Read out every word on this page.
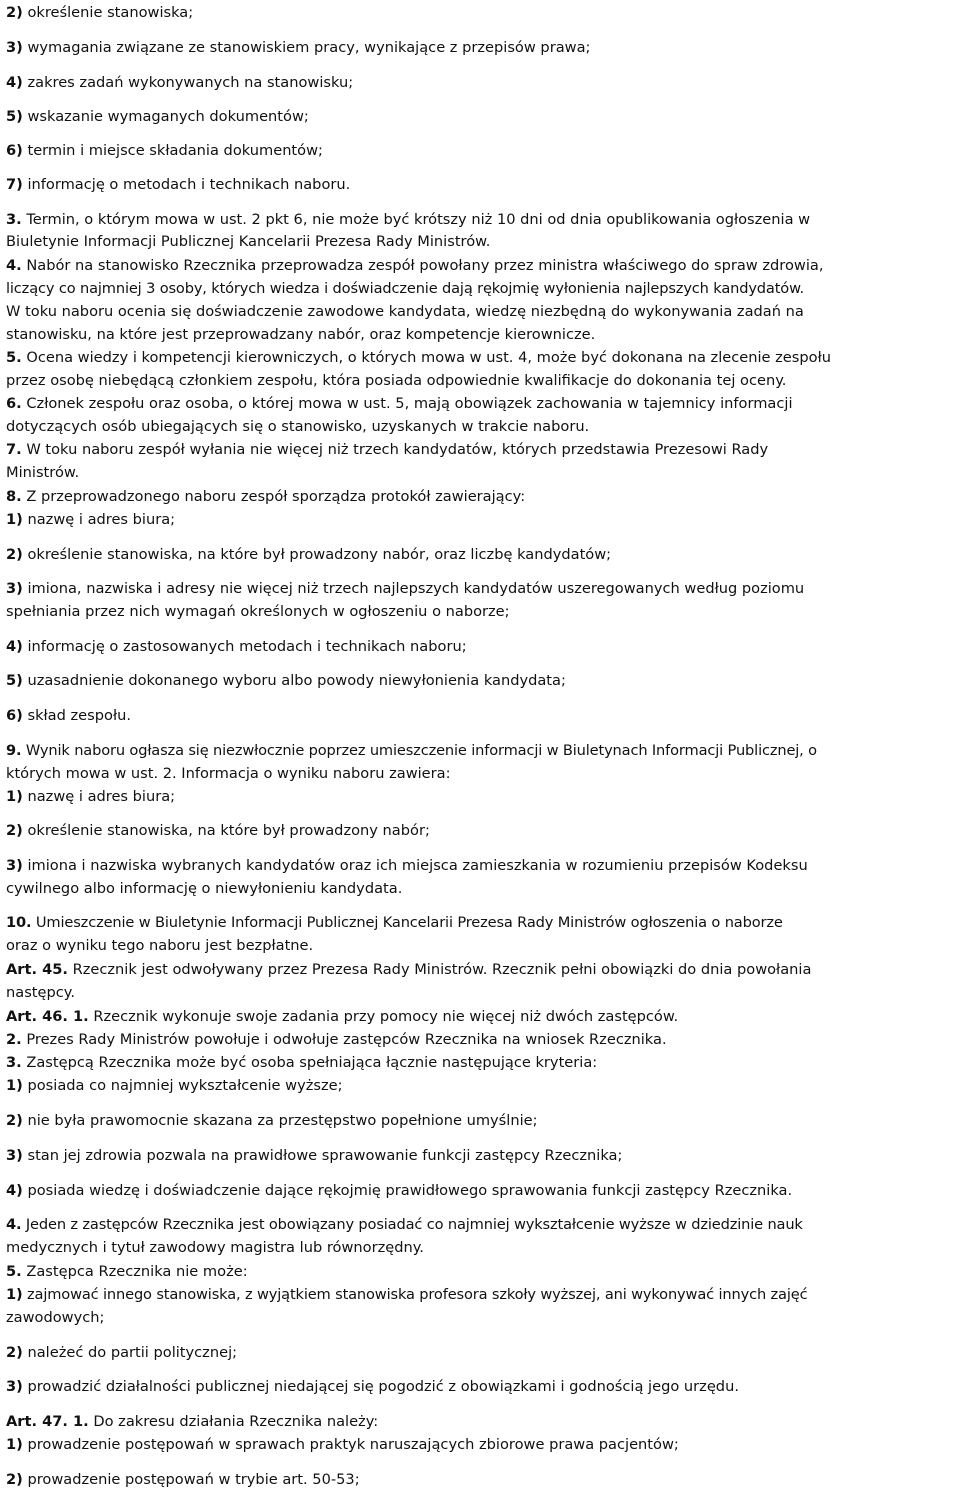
2) określenie stanowiska;

3) wymagania związane ze stanowiskiem pracy, wynikające z przepisów prawa;

4) zakres zadań wykonywanych na stanowisku;

5) wskazanie wymaganych dokumentów;

6) termin i miejsce składania dokumentów;

7) informację o metodach i technikach naboru.

3. Termin, o którym mowa w ust. 2 pkt 6, nie może być krótszy niż 10 dni od dnia opublikowania ogłoszenia w

Biuletynie Informacji Publicznej Kancelarii Prezesa Rady Ministrów.

4. Nabór na stanowisko Rzecznika przeprowadza zespół powołany przez ministra właściwego do spraw zdrowia,

liczący co najmniej 3 osoby, których wiedza i doświadczenie dają rękojmię wyłonienia najlepszych kandydatów.

W toku naboru ocenia się doświadczenie zawodowe kandydata, wiedzę niezbędną do wykonywania zadań na

stanowisku, na które jest przeprowadzany nabór, oraz kompetencje kierownicze.

5. Ocena wiedzy i kompetencji kierowniczych, o których mowa w ust. 4, może być dokonana na zlecenie zespołu

przez osobę niebędącą członkiem zespołu, która posiada odpowiednie kwalifikacje do dokonania tej oceny.

6. Członek zespołu oraz osoba, o której mowa w ust. 5, mają obowiązek zachowania w tajemnicy informacji

dotyczących osób ubiegających się o stanowisko, uzyskanych w trakcie naboru.

7. W toku naboru zespół wyłania nie więcej niż trzech kandydatów, których przedstawia Prezesowi Rady

Ministrów.

8. Z przeprowadzonego naboru zespół sporządza protokół zawierający:

1) nazwę i adres biura;

2) określenie stanowiska, na które był prowadzony nabór, oraz liczbę kandydatów;

3) imiona, nazwiska i adresy nie więcej niż trzech najlepszych kandydatów uszeregowanych według poziomu

spełniania przez nich wymagań określonych w ogłoszeniu o naborze;

4) informację o zastosowanych metodach i technikach naboru;

5) uzasadnienie dokonanego wyboru albo powody niewyłonienia kandydata;

6) skład zespołu.

9. Wynik naboru ogłasza się niezwłocznie poprzez umieszczenie informacji w Biuletynach Informacji Publicznej, o

których mowa w ust. 2. Informacja o wyniku naboru zawiera:

1) nazwę i adres biura;

2) określenie stanowiska, na które był prowadzony nabór;

3) imiona i nazwiska wybranych kandydatów oraz ich miejsca zamieszkania w rozumieniu przepisów Kodeksu

cywilnego albo informację o niewyłonieniu kandydata.

10. Umieszczenie w Biuletynie Informacji Publicznej Kancelarii Prezesa Rady Ministrów ogłoszenia o naborze

oraz o wyniku tego naboru jest bezpłatne.

Art. 45. Rzecznik jest odwoływany przez Prezesa Rady Ministrów. Rzecznik pełni obowiązki do dnia powołania

następcy.

Art. 46. 1. Rzecznik wykonuje swoje zadania przy pomocy nie więcej niż dwóch zastępców.

2. Prezes Rady Ministrów powołuje i odwołuje zastępców Rzecznika na wniosek Rzecznika.

3. Zastępcą Rzecznika może być osoba spełniająca łącznie następujące kryteria:

1) posiada co najmniej wykształcenie wyższe;

2) nie była prawomocnie skazana za przestępstwo popełnione umyślnie;

3) stan jej zdrowia pozwala na prawidłowe sprawowanie funkcji zastępcy Rzecznika;

4) posiada wiedzę i doświadczenie dające rękojmię prawidłowego sprawowania funkcji zastępcy Rzecznika.

4. Jeden z zastępców Rzecznika jest obowiązany posiadać co najmniej wykształcenie wyższe w dziedzinie nauk

medycznych i tytuł zawodowy magistra lub równorzędny.

5. Zastępca Rzecznika nie może:

1) zajmować innego stanowiska, z wyjątkiem stanowiska profesora szkoły wyższej, ani wykonywać innych zajęć

zawodowych;

2) należeć do partii politycznej;

3) prowadzić działalności publicznej niedającej się pogodzić z obowiązkami i godnością jego urzędu.

Art. 47. 1. Do zakresu działania Rzecznika należy:

1) prowadzenie postępowań w sprawach praktyk naruszających zbiorowe prawa pacjentów;

2) prowadzenie postępowań w trybie art. 50-53;
